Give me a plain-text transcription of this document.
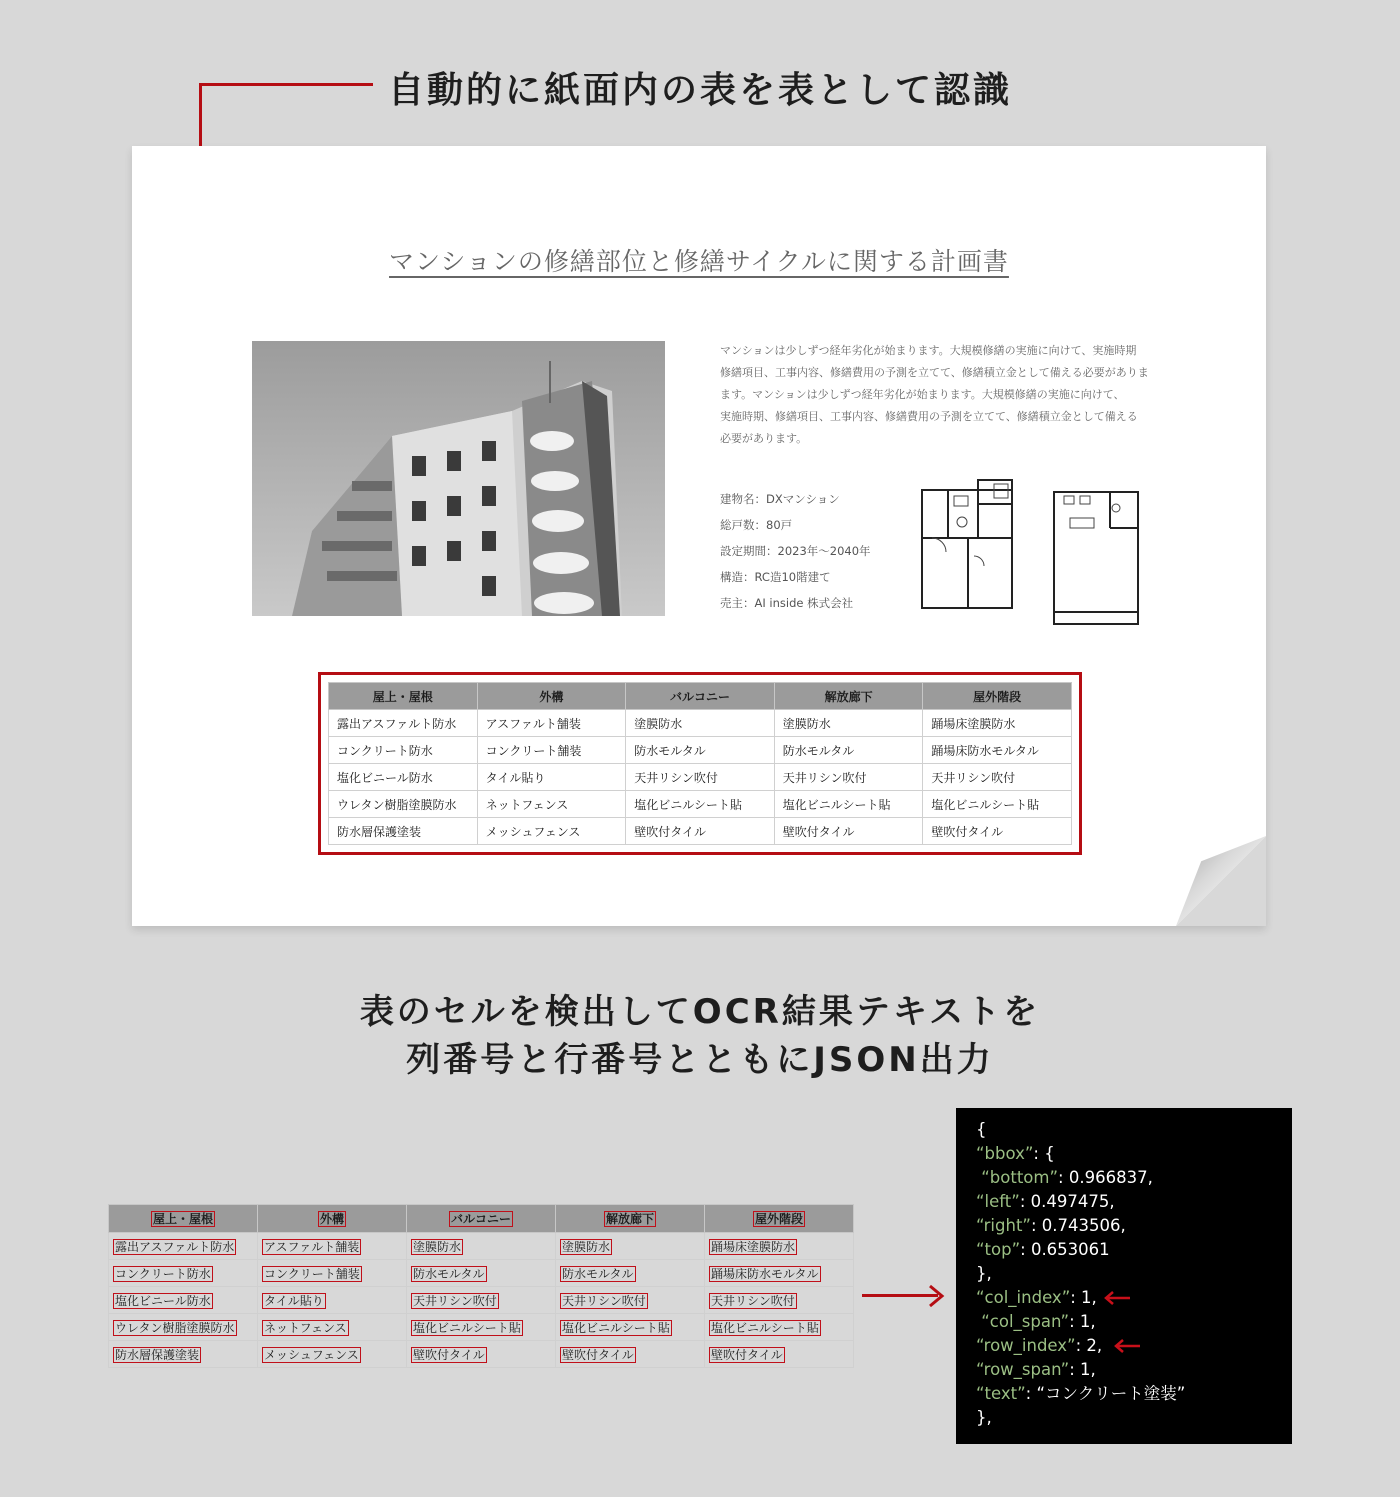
自動的に紙面内の表を表として認識
マンションの修繕部位と修繕サイクルに関する計画書
マンションは少しずつ経年劣化が始まります。大規模修繕の実施に向けて、実施時期
修繕項目、工事内容、修繕費用の予測を立てて、修繕積立金として備える必要がありま
ます。マンションは少しずつ経年劣化が始まります。大規模修繕の実施に向けて、
実施時期、修繕項目、工事内容、修繕費用の予測を立てて、修繕積立金として備える
必要があります。
建物名：DXマンション
総戸数：80戸
設定期間：2023年～2040年
構造：RC造10階建て
売主：AI inside 株式会社
屋上・屋根	外構	バルコニー	解放廊下	屋外階段
露出アスファルト防水	アスファルト舗装	塗膜防水	塗膜防水	踊場床塗膜防水
コンクリート防水	コンクリート舗装	防水モルタル	防水モルタル	踊場床防水モルタル
塩化ビニール防水	タイル貼り	天井リシン吹付	天井リシン吹付	天井リシン吹付
ウレタン樹脂塗膜防水	ネットフェンス	塩化ビニルシート貼	塩化ビニルシート貼	塩化ビニルシート貼
防水層保護塗装	メッシュフェンス	壁吹付タイル	壁吹付タイル	壁吹付タイル
表のセルを検出してOCR結果テキストを
列番号と行番号とともにJSON出力
屋上・屋根	外構	バルコニー	解放廊下	屋外階段
露出アスファルト防水	アスファルト舗装	塗膜防水	塗膜防水	踊場床塗膜防水
コンクリート防水	コンクリート舗装	防水モルタル	防水モルタル	踊場床防水モルタル
塩化ビニール防水	タイル貼り	天井リシン吹付	天井リシン吹付	天井リシン吹付
ウレタン樹脂塗膜防水	ネットフェンス	塩化ビニルシート貼	塩化ビニルシート貼	塩化ビニルシート貼
防水層保護塗装	メッシュフェンス	壁吹付タイル	壁吹付タイル	壁吹付タイル
{
“bbox”: {
“bottom”: 0.966837,
“left”: 0.497475,
“right”: 0.743506,
“top”: 0.653061
},
“col_index”: 1,
“col_span”: 1,
“row_index”: 2,
“row_span”: 1,
“text”: “コンクリート塗装”
},
